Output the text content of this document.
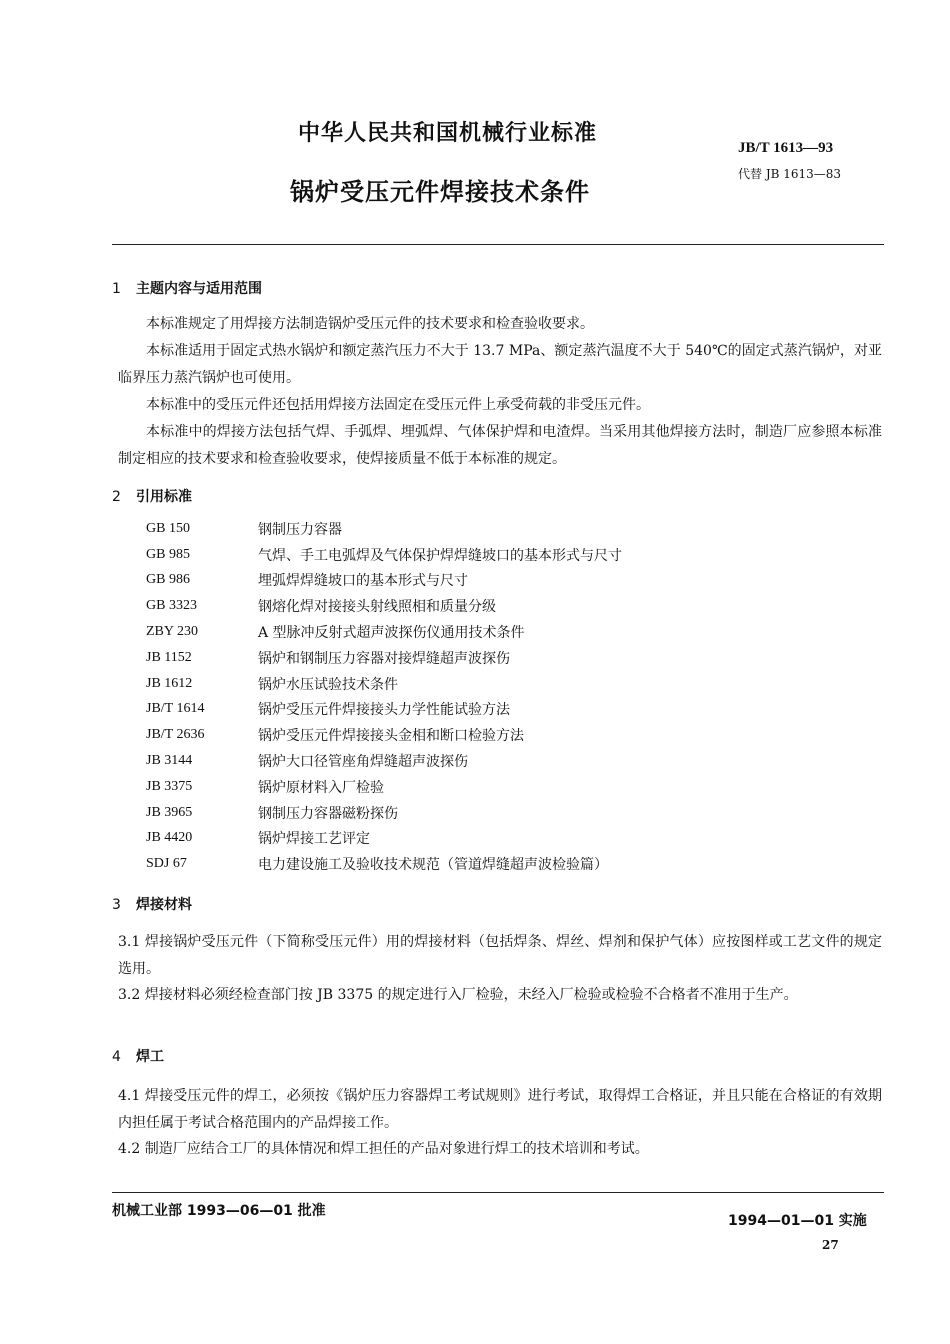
中华人民共和国机械行业标准
锅炉受压元件焊接技术条件
JB/T 1613—93
代替 JB 1613—83
1 主题内容与适用范围
本标准规定了用焊接方法制造锅炉受压元件的技术要求和检查验收要求。
本标准适用于固定式热水锅炉和额定蒸汽压力不大于 13.7 MPa、额定蒸汽温度不大于 540℃的固定式蒸汽锅炉，对亚临界压力蒸汽锅炉也可使用。
本标准中的受压元件还包括用焊接方法固定在受压元件上承受荷载的非受压元件。
本标准中的焊接方法包括气焊、手弧焊、埋弧焊、气体保护焊和电渣焊。当采用其他焊接方法时，制造厂应参照本标准制定相应的技术要求和检查验收要求，使焊接质量不低于本标准的规定。
2 引用标准
GB 150	钢制压力容器
GB 985	气焊、手工电弧焊及气体保护焊焊缝坡口的基本形式与尺寸
GB 986	埋弧焊焊缝坡口的基本形式与尺寸
GB 3323	钢熔化焊对接接头射线照相和质量分级
ZBY 230	A 型脉冲反射式超声波探伤仪通用技术条件
JB 1152	锅炉和钢制压力容器对接焊缝超声波探伤
JB 1612	锅炉水压试验技术条件
JB/T 1614	锅炉受压元件焊接接头力学性能试验方法
JB/T 2636	锅炉受压元件焊接接头金相和断口检验方法
JB 3144	锅炉大口径管座角焊缝超声波探伤
JB 3375	锅炉原材料入厂检验
JB 3965	钢制压力容器磁粉探伤
JB 4420	锅炉焊接工艺评定
SDJ 67	电力建设施工及验收技术规范（管道焊缝超声波检验篇）
3 焊接材料
3.1 焊接锅炉受压元件（下简称受压元件）用的焊接材料（包括焊条、焊丝、焊剂和保护气体）应按图样或工艺文件的规定选用。
3.2 焊接材料必须经检查部门按 JB 3375 的规定进行入厂检验，未经入厂检验或检验不合格者不准用于生产。
4 焊工
4.1 焊接受压元件的焊工，必须按《锅炉压力容器焊工考试规则》进行考试，取得焊工合格证，并且只能在合格证的有效期内担任属于考试合格范围内的产品焊接工作。
4.2 制造厂应结合工厂的具体情况和焊工担任的产品对象进行焊工的技术培训和考试。
机械工业部 1993—06—01 批准
1994—01—01 实施
27
